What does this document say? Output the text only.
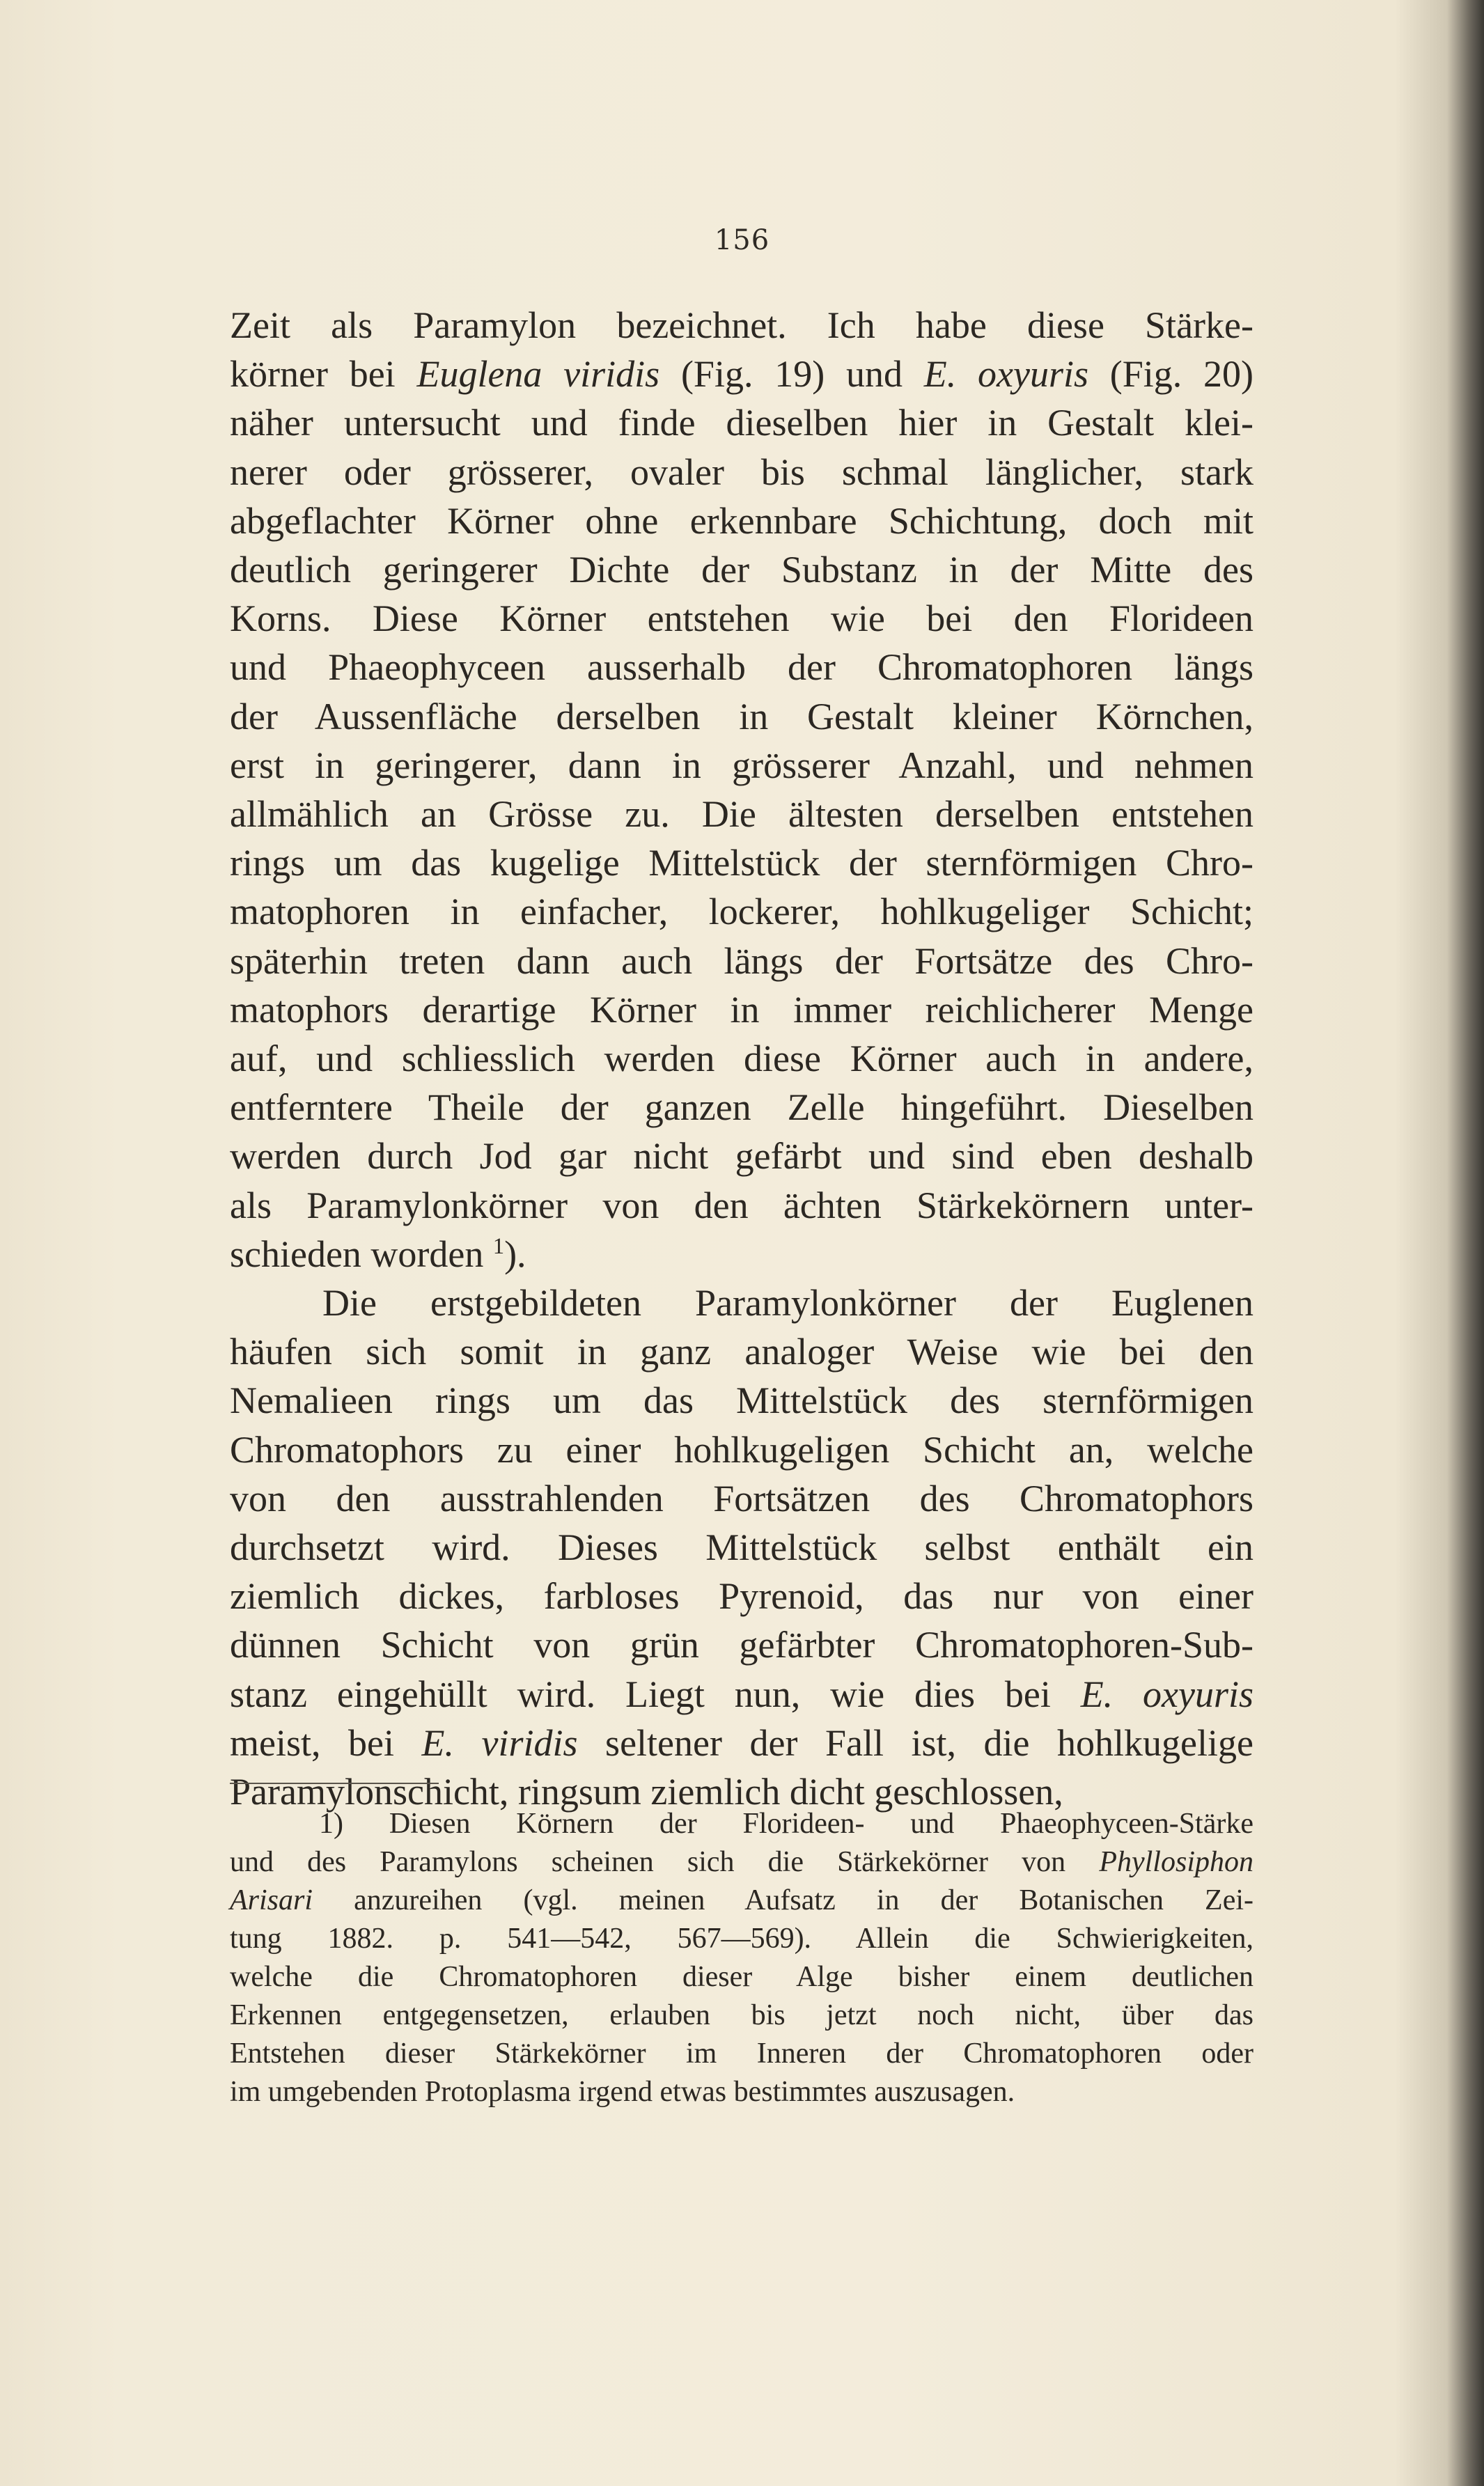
156
Zeit als Paramylon bezeichnet. Ich habe diese Stärke-
körner bei Euglena viridis (Fig. 19) und E. oxyuris (Fig. 20)
näher untersucht und finde dieselben hier in Gestalt klei-
nerer oder grösserer, ovaler bis schmal länglicher, stark
abgeflachter Körner ohne erkennbare Schichtung, doch mit
deutlich geringerer Dichte der Substanz in der Mitte des
Korns. Diese Körner entstehen wie bei den Florideen
und Phaeophyceen ausserhalb der Chromatophoren längs
der Aussenfläche derselben in Gestalt kleiner Körnchen,
erst in geringerer, dann in grösserer Anzahl, und nehmen
allmählich an Grösse zu. Die ältesten derselben entstehen
rings um das kugelige Mittelstück der sternförmigen Chro-
matophoren in einfacher, lockerer, hohlkugeliger Schicht;
späterhin treten dann auch längs der Fortsätze des Chro-
matophors derartige Körner in immer reichlicherer Menge
auf, und schliesslich werden diese Körner auch in andere,
entferntere Theile der ganzen Zelle hingeführt. Dieselben
werden durch Jod gar nicht gefärbt und sind eben deshalb
als Paramylonkörner von den ächten Stärkekörnern unter-
schieden worden $^1$).
Die erstgebildeten Paramylonkörner der Euglenen
häufen sich somit in ganz analoger Weise wie bei den
Nemalieen rings um das Mittelstück des sternförmigen
Chromatophors zu einer hohlkugeligen Schicht an, welche
von den ausstrahlenden Fortsätzen des Chromatophors
durchsetzt wird. Dieses Mittelstück selbst enthält ein
ziemlich dickes, farbloses Pyrenoid, das nur von einer
dünnen Schicht von grün gefärbter Chromatophoren-Sub-
stanz eingehüllt wird. Liegt nun, wie dies bei E. oxyuris
meist, bei E. viridis seltener der Fall ist, die hohlkugelige
Paramylonschicht, ringsum ziemlich dicht geschlossen,
1) Diesen Körnern der Florideen- und Phaeophyceen-Stärke
und des Paramylons scheinen sich die Stärkekörner von Phyllosiphon
Arisari anzureihen (vgl. meinen Aufsatz in der Botanischen Zei-
tung 1882. p. 541—542, 567—569). Allein die Schwierigkeiten,
welche die Chromatophoren dieser Alge bisher einem deutlichen
Erkennen entgegensetzen, erlauben bis jetzt noch nicht, über das
Entstehen dieser Stärkekörner im Inneren der Chromatophoren oder
im umgebenden Protoplasma irgend etwas bestimmtes auszusagen.
